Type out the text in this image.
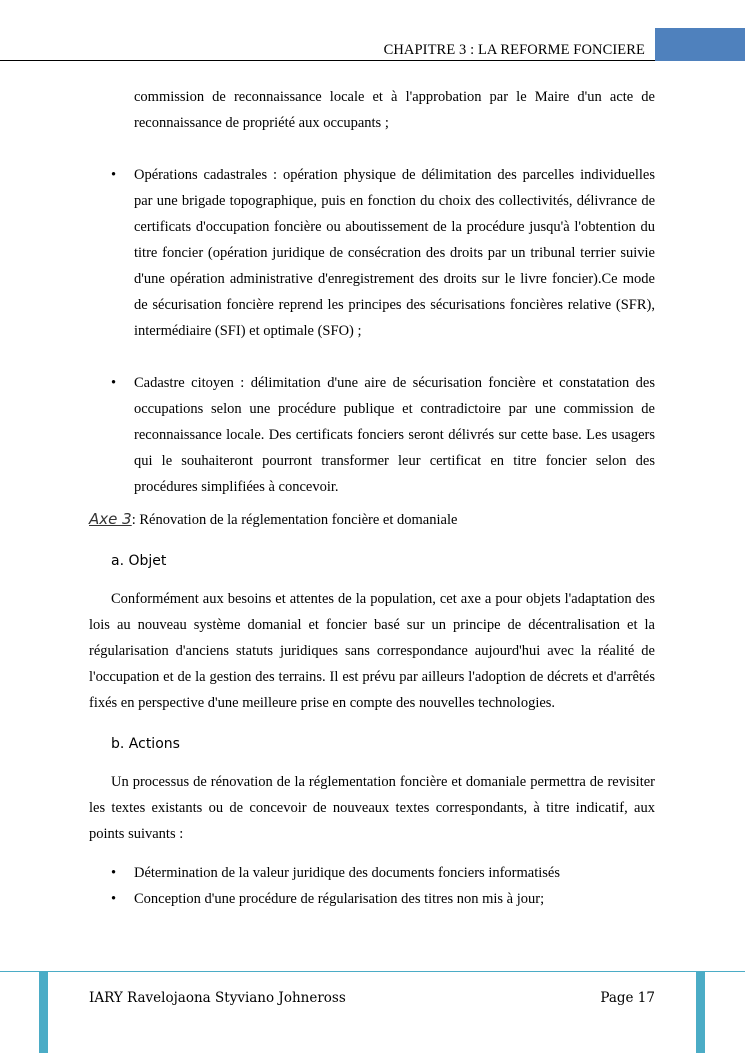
CHAPITRE 3 : LA REFORME FONCIERE

commission de reconnaissance locale et à l'approbation par le Maire d'un acte de reconnaissance de propriété aux occupants ;

• Opérations cadastrales : opération physique de délimitation des parcelles individuelles par une brigade topographique, puis en fonction du choix des collectivités, délivrance de certificats d'occupation foncière ou aboutissement de la procédure jusqu'à l'obtention du titre foncier (opération juridique de consécration des droits par un tribunal terrier suivie d'une opération administrative d'enregistrement des droits sur le livre foncier).Ce mode de sécurisation foncière reprend les principes des sécurisations foncières relative (SFR), intermédiaire (SFI) et optimale (SFO) ;
• Cadastre citoyen : délimitation d'une aire de sécurisation foncière et constatation des occupations selon une procédure publique et contradictoire par une commission de reconnaissance locale. Des certificats fonciers seront délivrés sur cette base. Les usagers qui le souhaiteront pourront transformer leur certificat en titre foncier selon des procédures simplifiées à concevoir.

Axe 3: Rénovation de la réglementation foncière et domaniale

a. Objet

Conformément aux besoins et attentes de la population, cet axe a pour objets l'adaptation des lois au nouveau système domanial et foncier basé sur un principe de décentralisation et la régularisation d'anciens statuts juridiques sans correspondance aujourd'hui avec la réalité de l'occupation et de la gestion des terrains. Il est prévu par ailleurs l'adoption de décrets et d'arrêtés fixés en perspective d'une meilleure prise en compte des nouvelles technologies.

b. Actions

Un processus de rénovation de la réglementation foncière et domaniale permettra de revisiter les textes existants ou de concevoir de nouveaux textes correspondants, à titre indicatif, aux points suivants :

• Détermination de la valeur juridique des documents fonciers informatisés
• Conception d'une procédure de régularisation des titres non mis à jour;
IARY Ravelojaona Styviano Johneross	Page 17
